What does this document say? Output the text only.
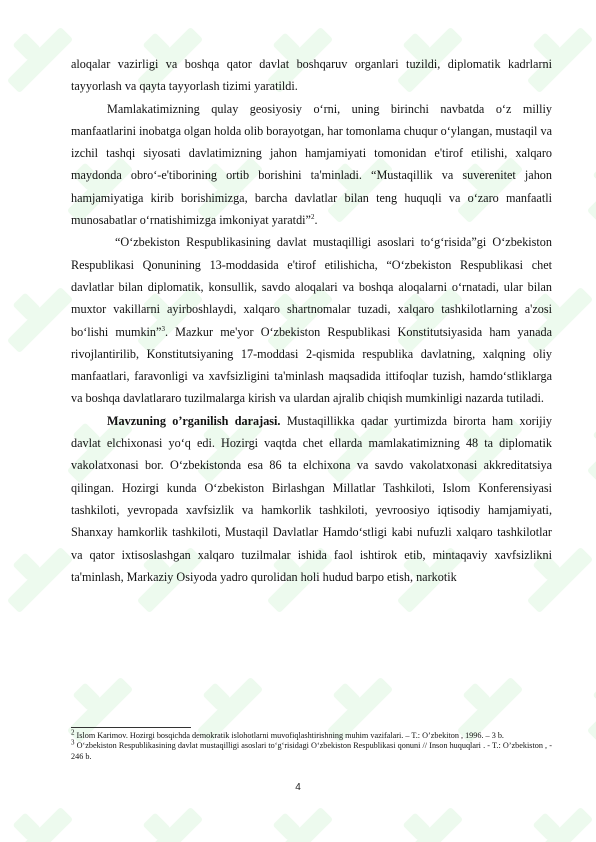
aloqalar vazirligi va boshqa qator davlat boshqaruv organlari tuzildi, diplomatik kadrlarni tayyorlash va qayta tayyorlash tizimi yaratildi.

Mamlakatimizning qulay geosiyosiy o‘rni, uning birinchi navbatda o‘z milliy manfaatlarini inobatga olgan holda olib borayotgan, har tomonlama chuqur o‘ylangan, mustaqil va izchil tashqi siyosati davlatimizning jahon hamjamiyati tomonidan e'tirof etilishi, xalqaro maydonda obro‘-e'tiborining ortib borishini ta'minladi. “Mustaqillik va suverenitet jahon hamjamiyatiga kirib borishimizga, barcha davlatlar bilan teng huquqli va o‘zaro manfaatli munosabatlar o‘rnatishimizga imkoniyat yaratdi”$^2$.

“O‘zbekiston Respublikasining davlat mustaqilligi asoslari to‘g‘risida”gi O‘zbekiston Respublikasi Qonunining 13-moddasida e'tirof etilishicha, “O‘zbekiston Respublikasi chet davlatlar bilan diplomatik, konsullik, savdo aloqalari va boshqa aloqalarni o‘rnatadi, ular bilan muxtor vakillarni ayirboshlaydi, xalqaro shartnomalar tuzadi, xalqaro tashkilotlarning a'zosi bo‘lishi mumkin”$^3$. Mazkur me'yor O‘zbekiston Respublikasi Konstitutsiyasida ham yanada rivojlantirilib, Konstitutsiyaning 17-moddasi 2-qismida respublika davlatning, xalqning oliy manfaatlari, faravonligi va xavfsizligini ta'minlash maqsadida ittifoqlar tuzish, hamdo‘stliklarga va boshqa davlatlararo tuzilmalarga kirish va ulardan ajralib chiqish mumkinligi nazarda tutiladi.

Mavzuning o’rganilish darajasi. Mustaqillikka qadar yurtimizda birorta ham xorijiy davlat elchixonasi yo‘q edi. Hozirgi vaqtda chet ellarda mamlakatimizning 48 ta diplomatik vakolatxonasi bor. O‘zbekistonda esa 86 ta elchixona va savdo vakolatxonasi akkreditatsiya qilingan. Hozirgi kunda O‘zbekiston Birlashgan Millatlar Tashkiloti, Islom Konferensiyasi tashkiloti, yevropada xavfsizlik va hamkorlik tashkiloti, yevroosiyo iqtisodiy hamjamiyati, Shanxay hamkorlik tashkiloti, Mustaqil Davlatlar Hamdo‘stligi kabi nufuzli xalqaro tashkilotlar va qator ixtisoslashgan xalqaro tuzilmalar ishida faol ishtirok etib, mintaqaviy xavfsizlikni ta'minlash, Markaziy Osiyoda yadro qurolidan holi hudud barpo etish, narkotik

$^2$ Islom Karimov. Hozirgi bosqichda demokratik islohotlarni muvofiqlashtirishning muhim vazifalari. – T.: O’zbekiton , 1996. – 3 b.

$^3$ O‘zbekiston Respublikasining davlat mustaqilligi asoslari to‘g‘risidagi O‘zbekiston Respublikasi qonuni // Inson huquqlari . - T.: O’zbekiston , - 246 b.

4
